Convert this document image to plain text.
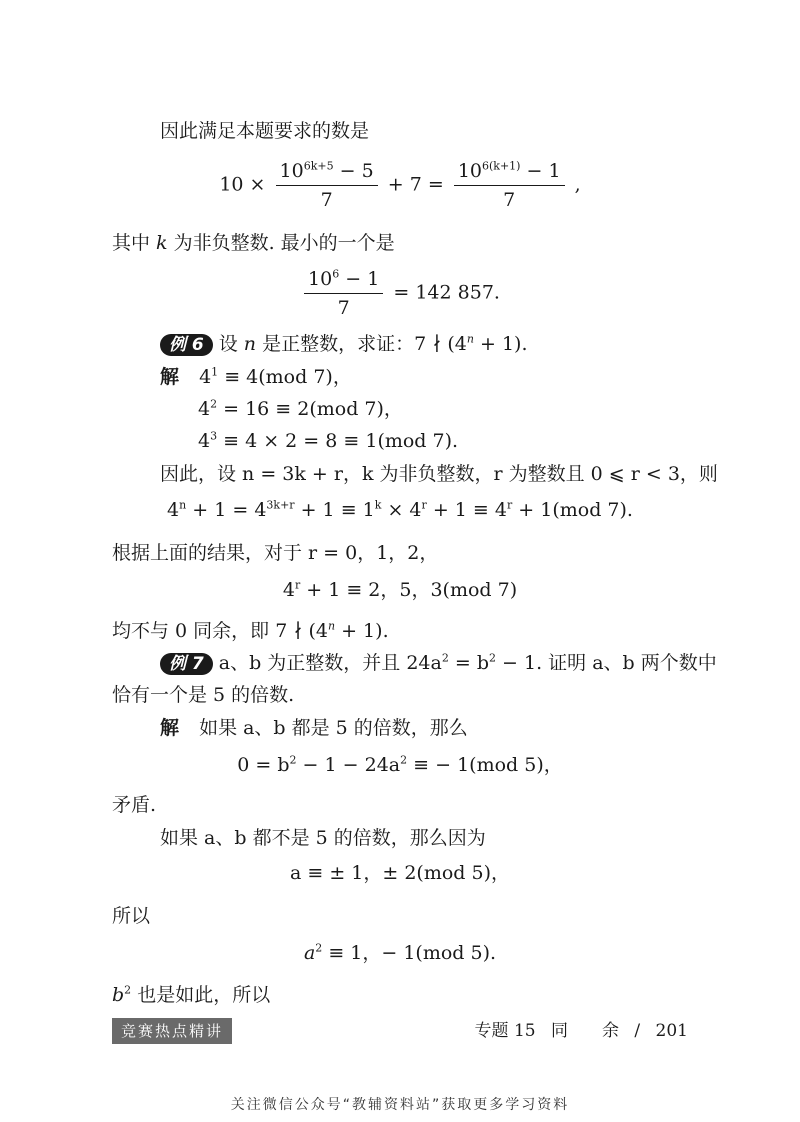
因此满足本题要求的数是
$10 \times \frac{10^{6k+5} - 5}{7} + 7 = \frac{10^{6(k+1)} - 1}{7}$ ,
其中 k 为非负整数. 最小的一个是
$\frac{10^6 - 1}{7} = 142$ 857.
例 6 设 n 是正整数，求证：7 ∤ $(4^n + 1)$.
解 $4^1 \equiv 4(mod$ 7)，
$4^2 = 16 \equiv 2(mod$ 7)，
$4^3 \equiv 4 \times 2 = 8 \equiv 1(mod$ 7).
因此，设 n = 3k + r，k 为非负整数，r 为整数且 0 ⩽ r < 3，则
$4^n + 1 = 4^{3k+r} + 1 \equiv 1^k \times 4^r + 1 \equiv 4^r + 1(mod$ 7).
根据上面的结果，对于 r = 0，1，2，
$4^r + 1 \equiv 2$，5，3(mod 7)
均不与 0 同余，即 7 ∤ $(4^n + 1)$.
例 7 a、b 为正整数，并且 $24a^2 = b^2 - 1$. 证明 a、b 两个数中
恰有一个是 5 的倍数.
解 如果 a、b 都是 5 的倍数，那么
$0 = b^2 - 1 - 24a^2$ ≡ − 1(mod 5)，
矛盾.
如果 a、b 都不是 5 的倍数，那么因为
a ≡ ± 1，± 2(mod 5)，
所以
$a^2 \equiv 1$，− 1(mod 5).
$b^2$ 也是如此，所以
竞赛热点精讲	专题 15 同　　余 / 201
关注微信公众号“教辅资料站”获取更多学习资料
